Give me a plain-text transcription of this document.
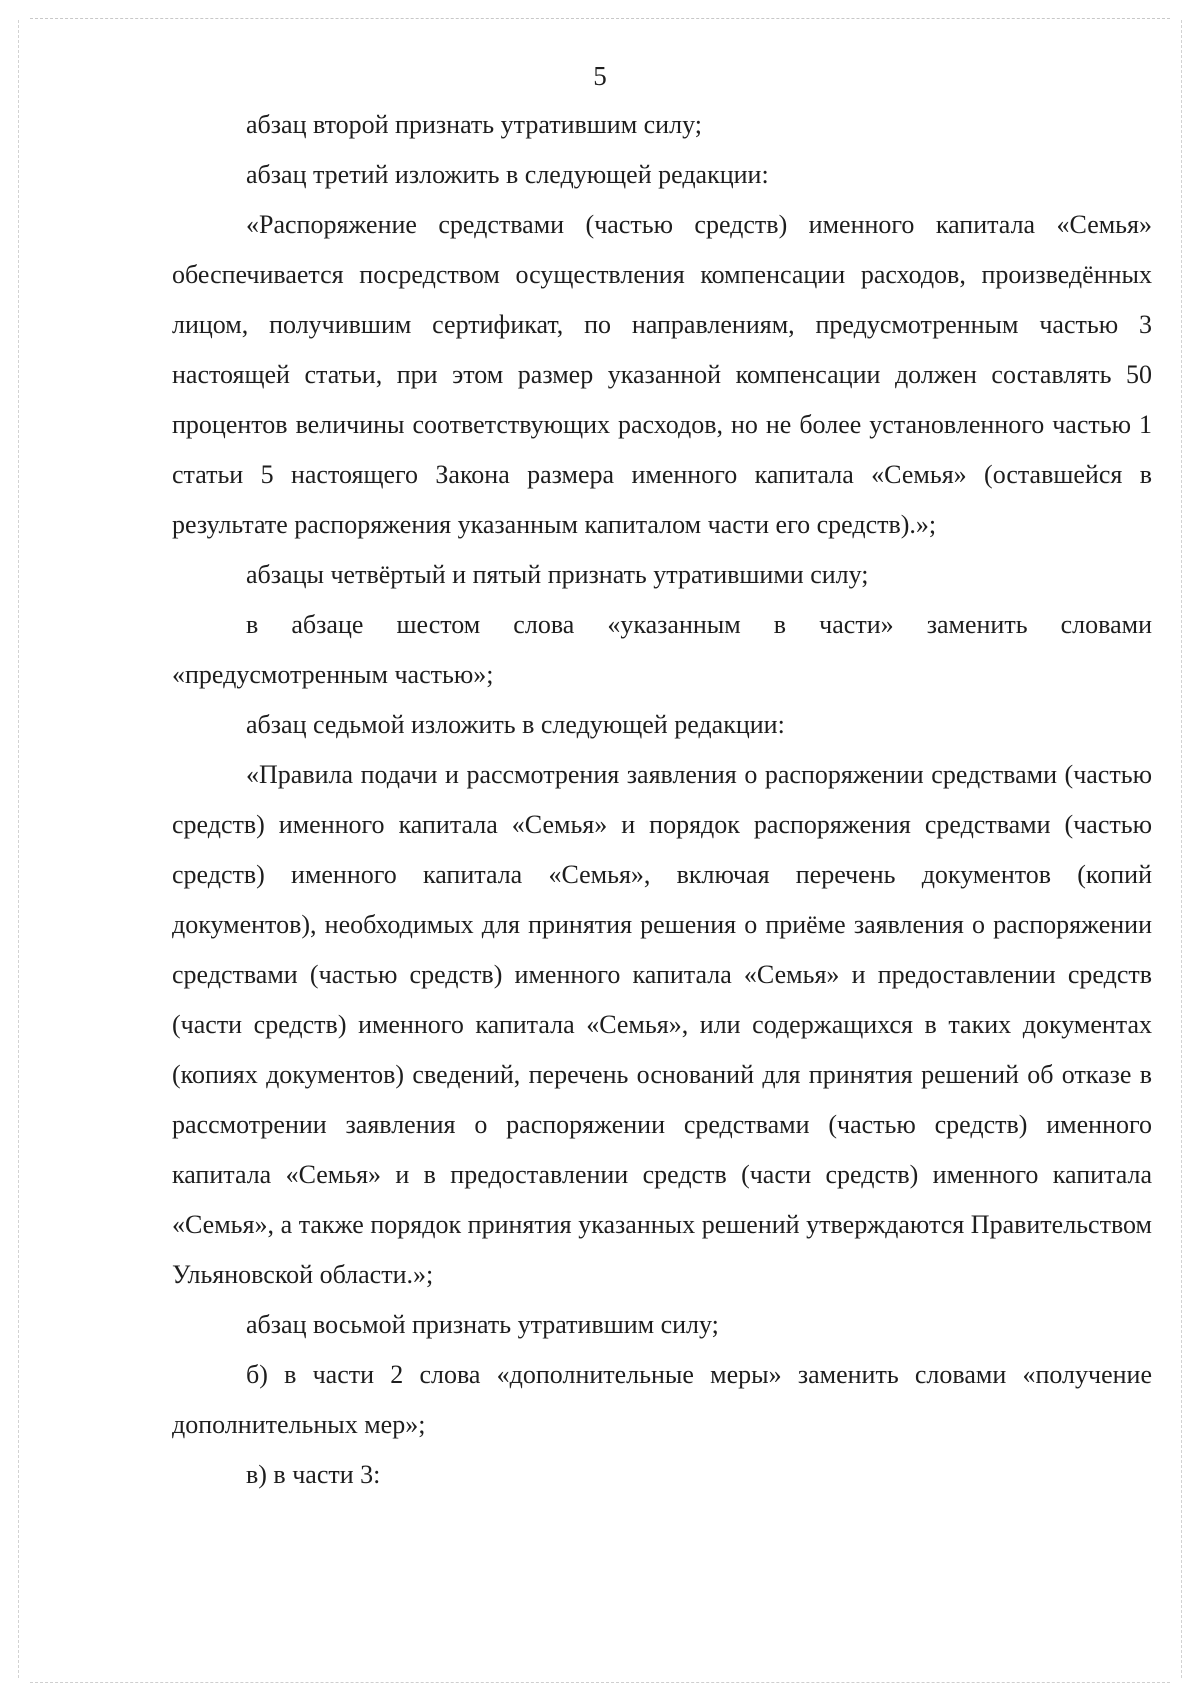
5

абзац второй признать утратившим силу;

абзац третий изложить в следующей редакции:

«Распоряжение средствами (частью средств) именного капитала «Семья» обеспечивается посредством осуществления компенсации расходов, произведённых лицом, получившим сертификат, по направлениям, предусмотренным частью 3 настоящей статьи, при этом размер указанной компенсации должен составлять 50 процентов величины соответствующих расходов, но не более установленного частью 1 статьи 5 настоящего Закона размера именного капитала «Семья» (оставшейся в результате распоряжения указанным капиталом части его средств).»;

абзацы четвёртый и пятый признать утратившими силу;

в абзаце шестом слова «указанным в части» заменить словами «предусмотренным частью»;

абзац седьмой изложить в следующей редакции:

«Правила подачи и рассмотрения заявления о распоряжении средствами (частью средств) именного капитала «Семья» и порядок распоряжения средствами (частью средств) именного капитала «Семья», включая перечень документов (копий документов), необходимых для принятия решения о приёме заявления о распоряжении средствами (частью средств) именного капитала «Семья» и предоставлении средств (части средств) именного капитала «Семья», или содержащихся в таких документах (копиях документов) сведений, перечень оснований для принятия решений об отказе в рассмотрении заявления о распоряжении средствами (частью средств) именного капитала «Семья» и в предоставлении средств (части средств) именного капитала «Семья», а также порядок принятия указанных решений утверждаются Правительством Ульяновской области.»;

абзац восьмой признать утратившим силу;

б) в части 2 слова «дополнительные меры» заменить словами «получение дополнительных мер»;

в) в части 3:
